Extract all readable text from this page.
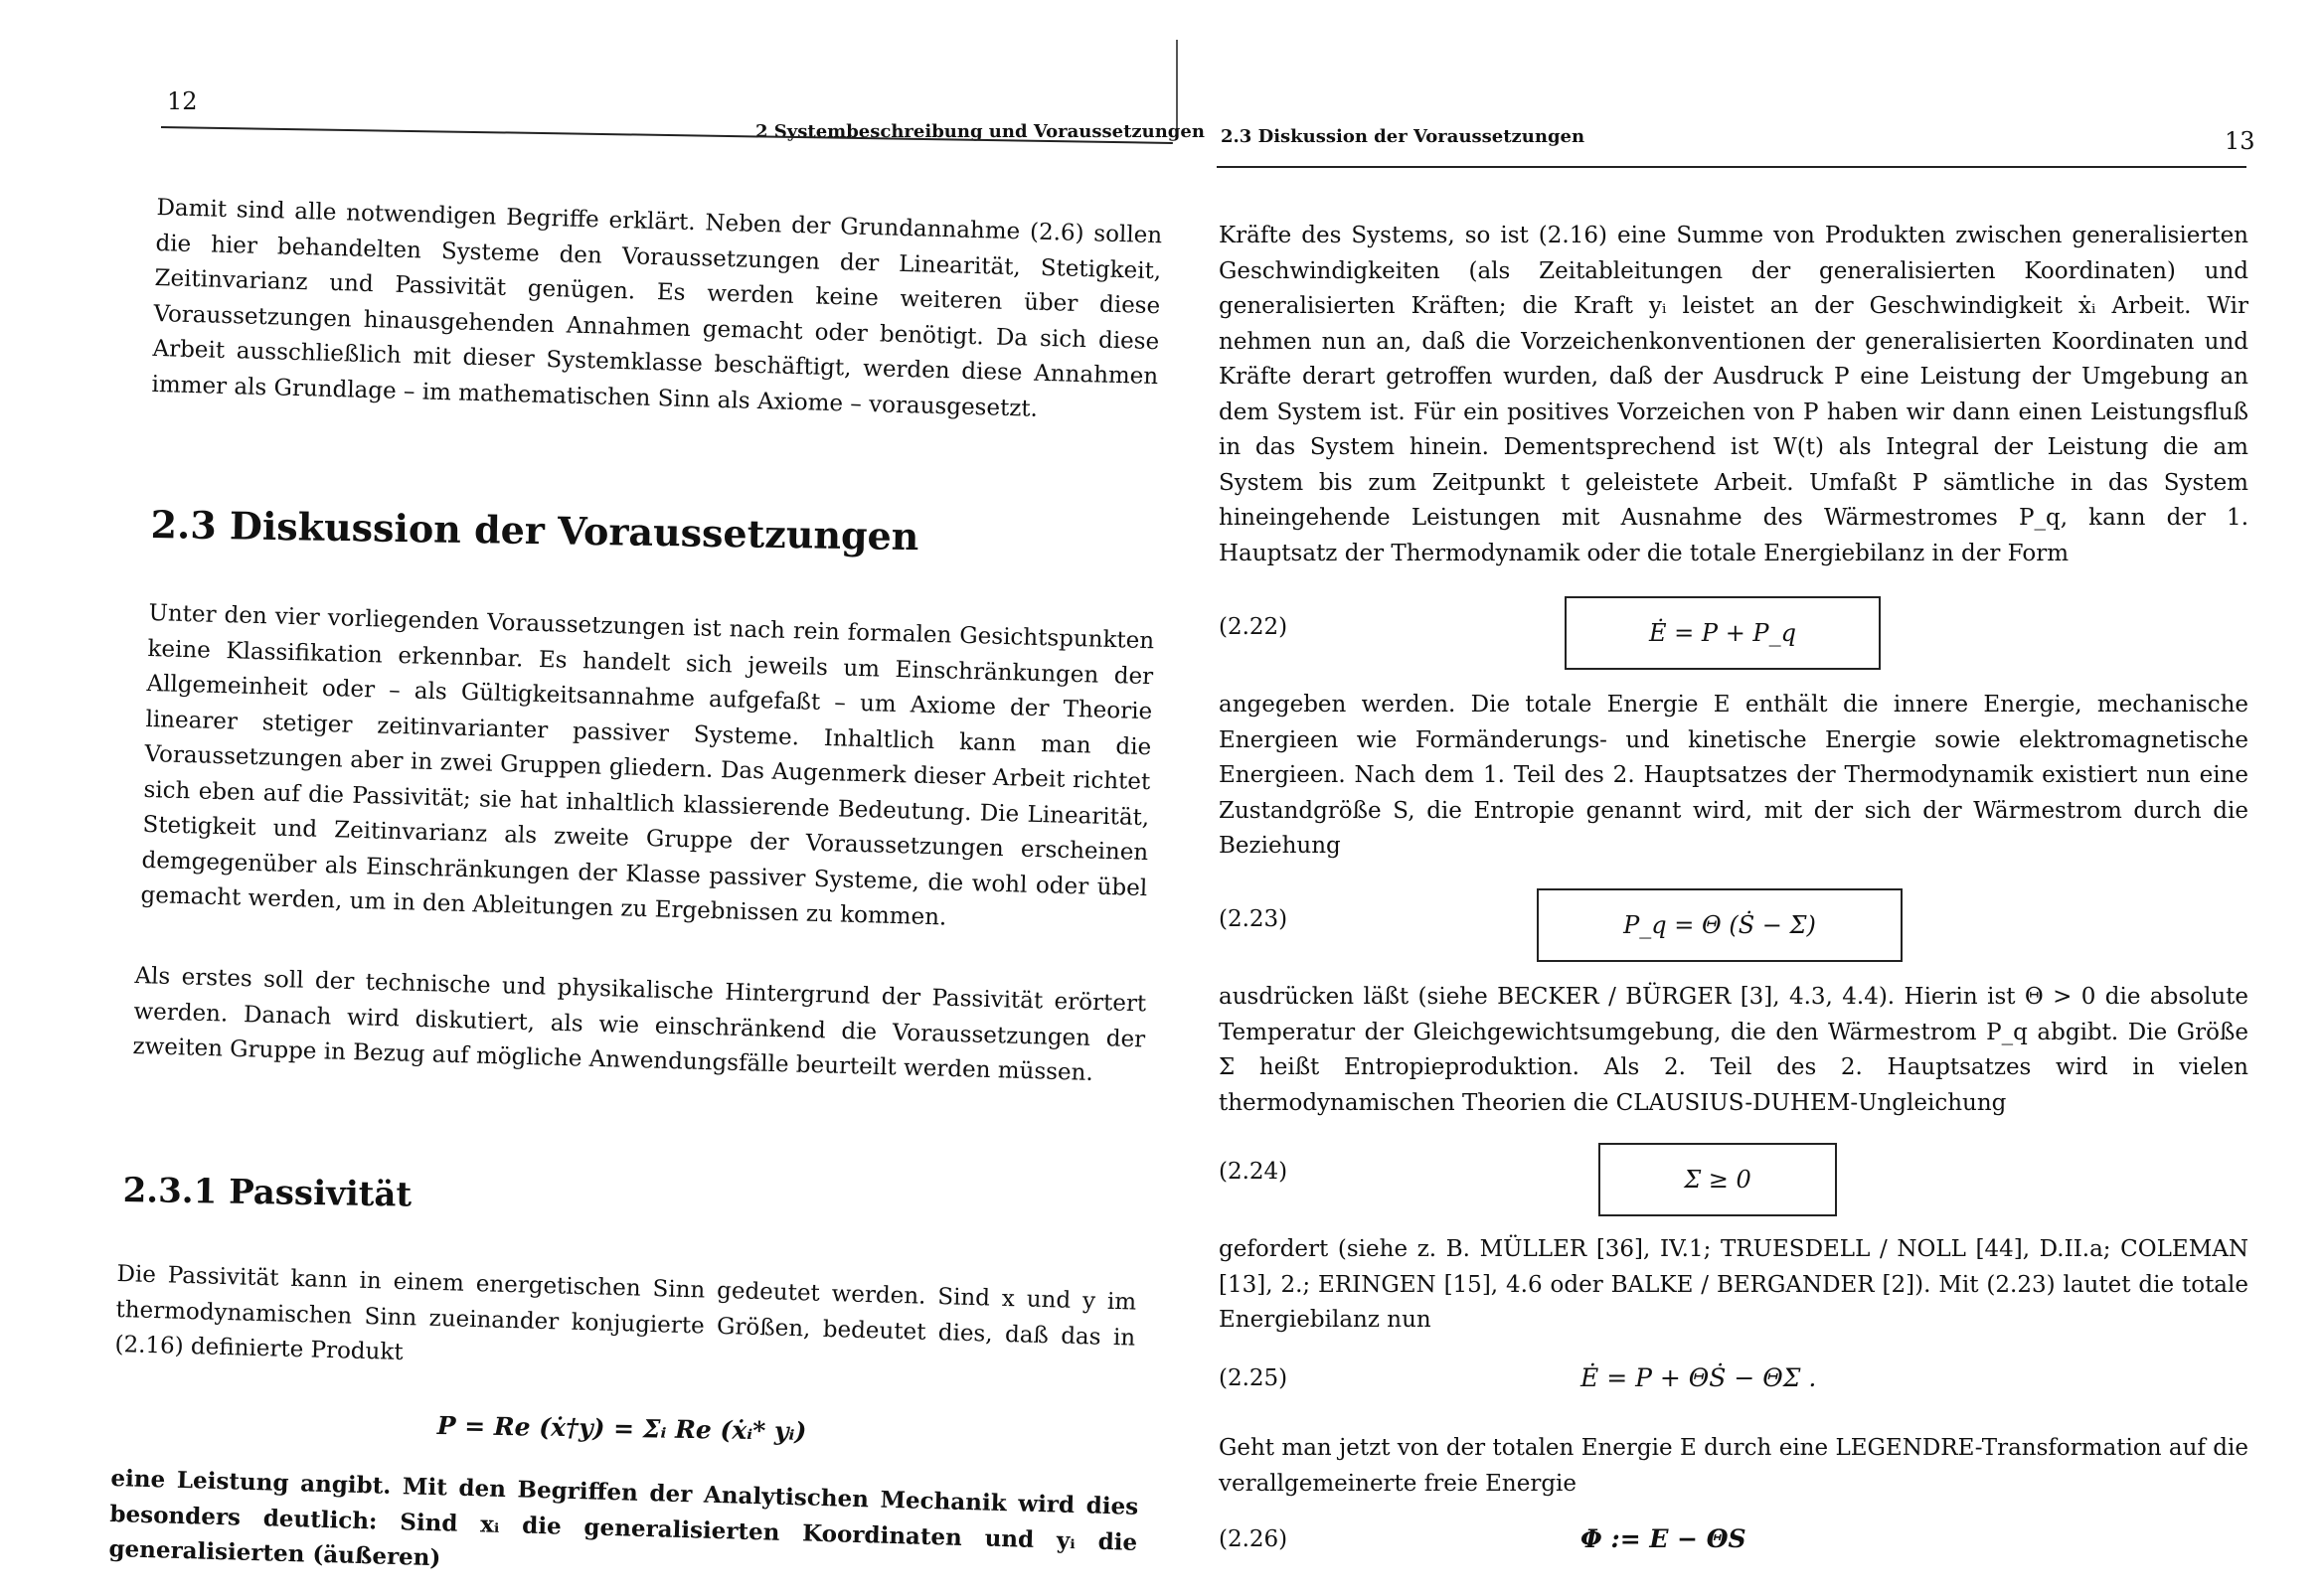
12
2 Systembeschreibung und Voraussetzungen
Damit sind alle notwendigen Begriffe erklärt. Neben der Grundannahme (2.6) sollen die hier behandelten Systeme den Voraussetzungen der Linearität, Stetigkeit, Zeitinvarianz und Passivität genügen. Es werden keine weiteren über diese Voraussetzungen hinausgehenden Annahmen gemacht oder benötigt. Da sich diese Arbeit ausschließlich mit dieser Systemklasse beschäftigt, werden diese Annahmen immer als Grundlage – im mathematischen Sinn als Axiome – vorausgesetzt.
2.3 Diskussion der Voraussetzungen
Unter den vier vorliegenden Voraussetzungen ist nach rein formalen Gesichtspunkten keine Klassifikation erkennbar. Es handelt sich jeweils um Einschränkungen der Allgemeinheit oder – als Gültigkeitsannahme aufgefaßt – um Axiome der Theorie linearer stetiger zeitinvarianter passiver Systeme. Inhaltlich kann man die Voraussetzungen aber in zwei Gruppen gliedern. Das Augenmerk dieser Arbeit richtet sich eben auf die Passivität; sie hat inhaltlich klassierende Bedeutung. Die Linearität, Stetigkeit und Zeitinvarianz als zweite Gruppe der Voraussetzungen erscheinen demgegenüber als Einschränkungen der Klasse passiver Systeme, die wohl oder übel gemacht werden, um in den Ableitungen zu Ergebnissen zu kommen.
Als erstes soll der technische und physikalische Hintergrund der Passivität erörtert werden. Danach wird diskutiert, als wie einschränkend die Voraussetzungen der zweiten Gruppe in Bezug auf mögliche Anwendungsfälle beurteilt werden müssen.
2.3.1 Passivität
Die Passivität kann in einem energetischen Sinn gedeutet werden. Sind x und y im thermodynamischen Sinn zueinander konjugierte Größen, bedeutet dies, daß das in (2.16) definierte Produkt
P = Re (ẋ†y) = Σᵢ Re (ẋᵢ* yᵢ)
eine Leistung angibt. Mit den Begriffen der Analytischen Mechanik wird dies besonders deutlich: Sind xᵢ die generalisierten Koordinaten und yᵢ die generalisierten (äußeren)
2.3 Diskussion der Voraussetzungen	13
Kräfte des Systems, so ist (2.16) eine Summe von Produkten zwischen generalisierten Geschwindigkeiten (als Zeitableitungen der generalisierten Koordinaten) und generalisierten Kräften; die Kraft yᵢ leistet an der Geschwindigkeit ẋᵢ Arbeit. Wir nehmen nun an, daß die Vorzeichenkonventionen der generalisierten Koordinaten und Kräfte derart getroffen wurden, daß der Ausdruck P eine Leistung der Umgebung an dem System ist. Für ein positives Vorzeichen von P haben wir dann einen Leistungsfluß in das System hinein. Dementsprechend ist W(t) als Integral der Leistung die am System bis zum Zeitpunkt t geleistete Arbeit. Umfaßt P sämtliche in das System hineingehende Leistungen mit Ausnahme des Wärmestromes P_q, kann der 1. Hauptsatz der Thermodynamik oder die totale Energiebilanz in der Form
(2.22)	Ė = P + P_q
angegeben werden. Die totale Energie E enthält die innere Energie, mechanische Energieen wie Formänderungs- und kinetische Energie sowie elektromagnetische Energieen. Nach dem 1. Teil des 2. Hauptsatzes der Thermodynamik existiert nun eine Zustandgröße S, die Entropie genannt wird, mit der sich der Wärmestrom durch die Beziehung
(2.23)	P_q = Θ (Ṡ − Σ)
ausdrücken läßt (siehe BECKER / BÜRGER [3], 4.3, 4.4). Hierin ist Θ > 0 die absolute Temperatur der Gleichgewichtsumgebung, die den Wärmestrom P_q abgibt. Die Größe Σ heißt Entropieproduktion. Als 2. Teil des 2. Hauptsatzes wird in vielen thermodynamischen Theorien die CLAUSIUS-DUHEM-Ungleichung
(2.24)	Σ ≥ 0
gefordert (siehe z. B. MÜLLER [36], IV.1; TRUESDELL / NOLL [44], D.II.a; COLEMAN [13], 2.; ERINGEN [15], 4.6 oder BALKE / BERGANDER [2]). Mit (2.23) lautet die totale Energiebilanz nun
(2.25)	Ė = P + ΘṠ − ΘΣ .
Geht man jetzt von der totalen Energie E durch eine LEGENDRE-Transformation auf die verallgemeinerte freie Energie
(2.26)	Φ := E − ΘS
